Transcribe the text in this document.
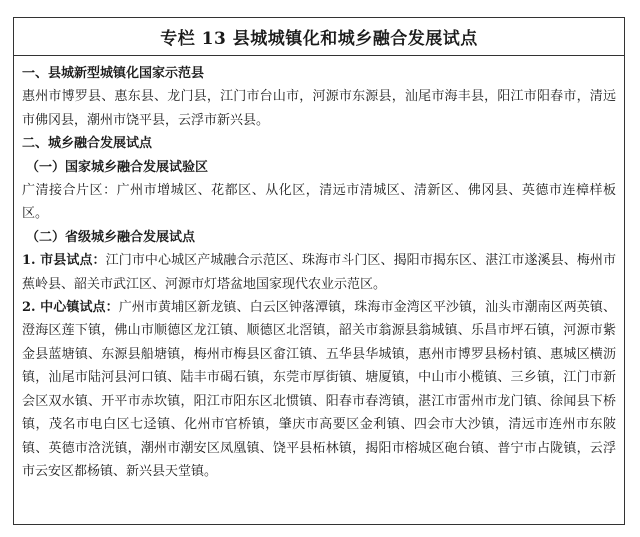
专栏 13 县城城镇化和城乡融合发展试点

一、县城新型城镇化国家示范县

惠州市博罗县、惠东县、龙门县，江门市台山市，河源市东源县，汕尾市海丰县，阳江市阳春市，清远市佛冈县，潮州市饶平县，云浮市新兴县。

二、城乡融合发展试点

（一）国家城乡融合发展试验区

广清接合片区：广州市增城区、花都区、从化区，清远市清城区、清新区、佛冈县、英德市连樟样板区。

（二）省级城乡融合发展试点

1. 市县试点：江门市中心城区产城融合示范区、珠海市斗门区、揭阳市揭东区、湛江市遂溪县、梅州市蕉岭县、韶关市武江区、河源市灯塔盆地国家现代农业示范区。

2. 中心镇试点：广州市黄埔区新龙镇、白云区钟落潭镇，珠海市金湾区平沙镇，汕头市潮南区两英镇、澄海区莲下镇，佛山市顺德区龙江镇、顺德区北滘镇，韶关市翁源县翁城镇、乐昌市坪石镇，河源市紫金县蓝塘镇、东源县船塘镇，梅州市梅县区畲江镇、五华县华城镇，惠州市博罗县杨村镇、惠城区横沥镇，汕尾市陆河县河口镇、陆丰市碣石镇，东莞市厚街镇、塘厦镇，中山市小榄镇、三乡镇，江门市新会区双水镇、开平市赤坎镇，阳江市阳东区北惯镇、阳春市春湾镇，湛江市雷州市龙门镇、徐闻县下桥镇，茂名市电白区七迳镇、化州市官桥镇，肇庆市高要区金利镇、四会市大沙镇，清远市连州市东陂镇、英德市浛洸镇，潮州市潮安区凤凰镇、饶平县柘林镇，揭阳市榕城区砲台镇、普宁市占陇镇，云浮市云安区都杨镇、新兴县天堂镇。
